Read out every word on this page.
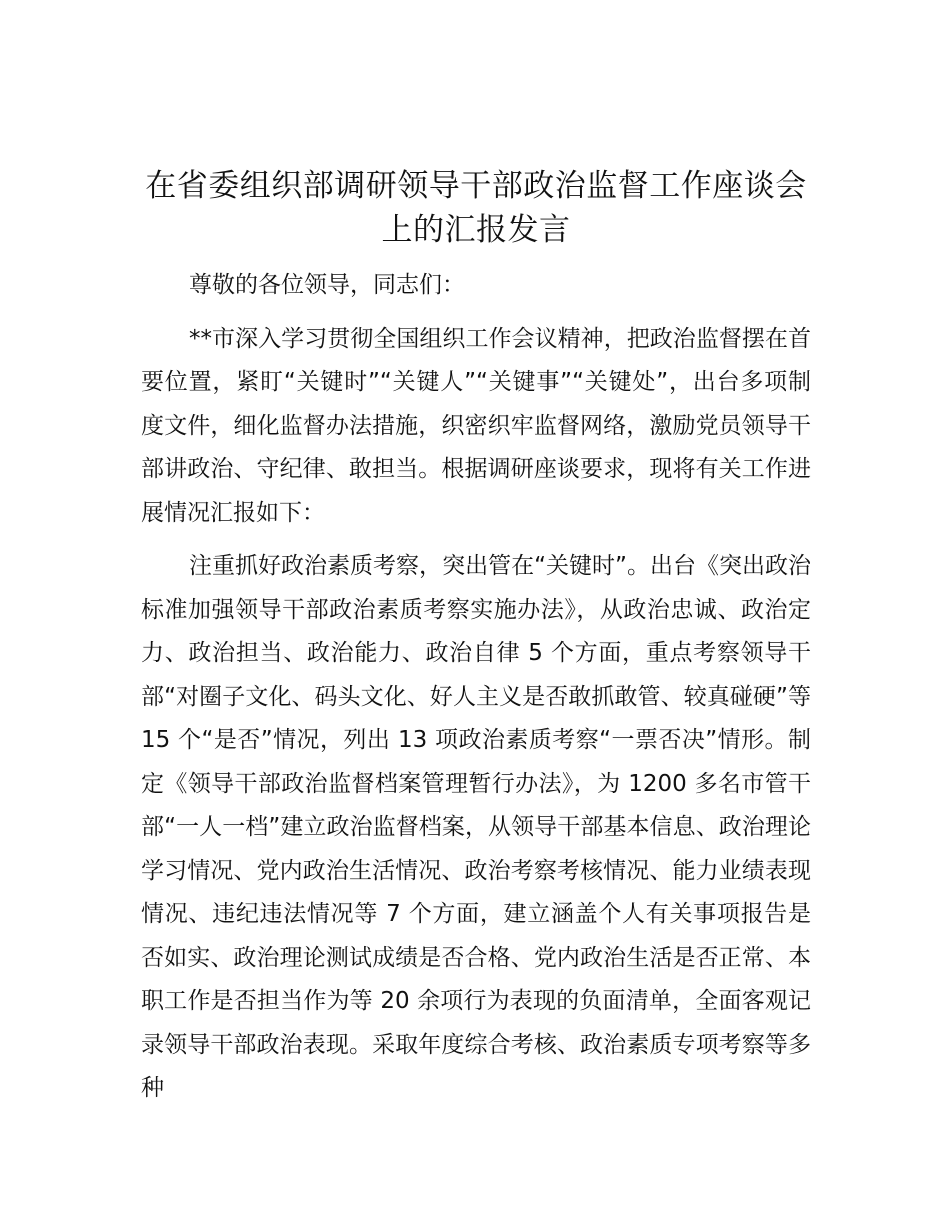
在省委组织部调研领导干部政治监督工作座谈会上的汇报发言

尊敬的各位领导，同志们：

**市深入学习贯彻全国组织工作会议精神，把政治监督摆在首要位置，紧盯“关键时”“关键人”“关键事”“关键处”，出台多项制度文件，细化监督办法措施，织密织牢监督网络，激励党员领导干部讲政治、守纪律、敢担当。根据调研座谈要求，现将有关工作进展情况汇报如下：

注重抓好政治素质考察，突出管在“关键时”。出台《突出政治标准加强领导干部政治素质考察实施办法》，从政治忠诚、政治定力、政治担当、政治能力、政治自律 5 个方面，重点考察领导干部“对圈子文化、码头文化、好人主义是否敢抓敢管、较真碰硬”等 15 个“是否”情况，列出 13 项政治素质考察“一票否决”情形。制定《领导干部政治监督档案管理暂行办法》，为 1200 多名市管干部“一人一档”建立政治监督档案，从领导干部基本信息、政治理论学习情况、党内政治生活情况、政治考察考核情况、能力业绩表现情况、违纪违法情况等 7 个方面，建立涵盖个人有关事项报告是否如实、政治理论测试成绩是否合格、党内政治生活是否正常、本职工作是否担当作为等 20 余项行为表现的负面清单，全面客观记录领导干部政治表现。采取年度综合考核、政治素质专项考察等多种
